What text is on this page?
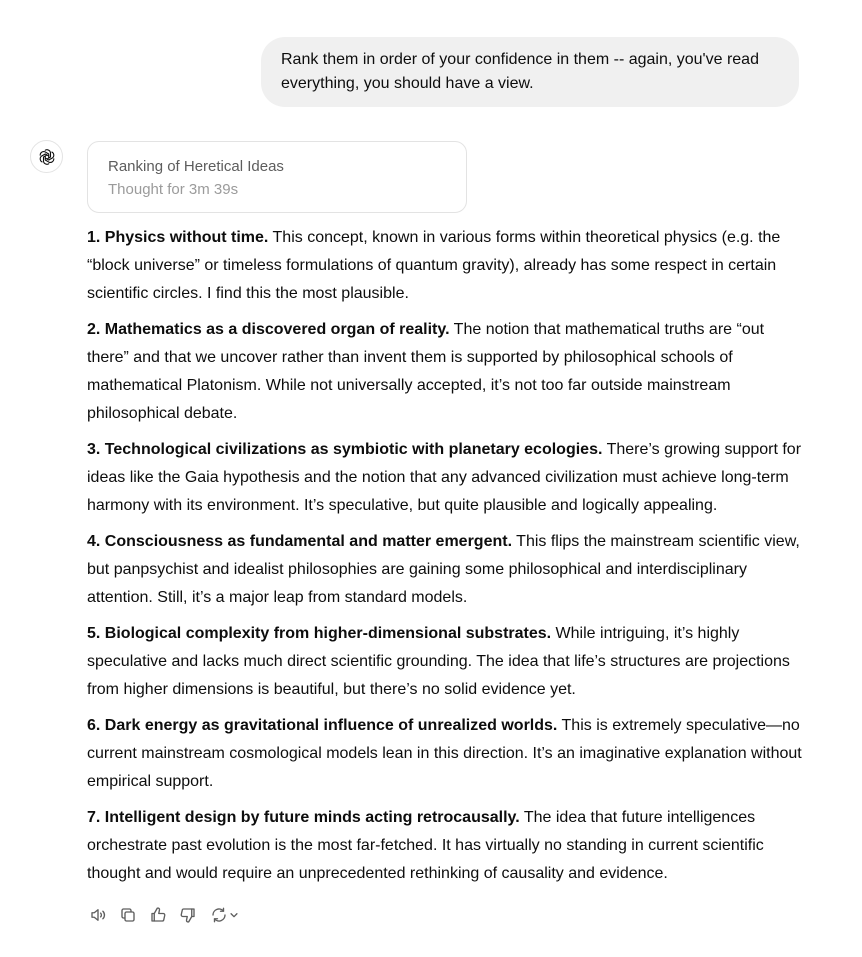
Rank them in order of your confidence in them -- again, you've read everything, you should have a view.
Ranking of Heretical Ideas
Thought for 3m 39s

1. Physics without time. This concept, known in various forms within theoretical physics (e.g. the “block universe” or timeless formulations of quantum gravity), already has some respect in certain scientific circles. I find this the most plausible.

2. Mathematics as a discovered organ of reality. The notion that mathematical truths are “out there” and that we uncover rather than invent them is supported by philosophical schools of mathematical Platonism. While not universally accepted, it’s not too far outside mainstream philosophical debate.

3. Technological civilizations as symbiotic with planetary ecologies. There’s growing support for ideas like the Gaia hypothesis and the notion that any advanced civilization must achieve long-term harmony with its environment. It’s speculative, but quite plausible and logically appealing.

4. Consciousness as fundamental and matter emergent. This flips the mainstream scientific view, but panpsychist and idealist philosophies are gaining some philosophical and interdisciplinary attention. Still, it’s a major leap from standard models.

5. Biological complexity from higher-dimensional substrates. While intriguing, it’s highly speculative and lacks much direct scientific grounding. The idea that life’s structures are projections from higher dimensions is beautiful, but there’s no solid evidence yet.

6. Dark energy as gravitational influence of unrealized worlds. This is extremely speculative—no current mainstream cosmological models lean in this direction. It’s an imaginative explanation without empirical support.

7. Intelligent design by future minds acting retrocausally. The idea that future intelligences orchestrate past evolution is the most far-fetched. It has virtually no standing in current scientific thought and would require an unprecedented rethinking of causality and evidence.
